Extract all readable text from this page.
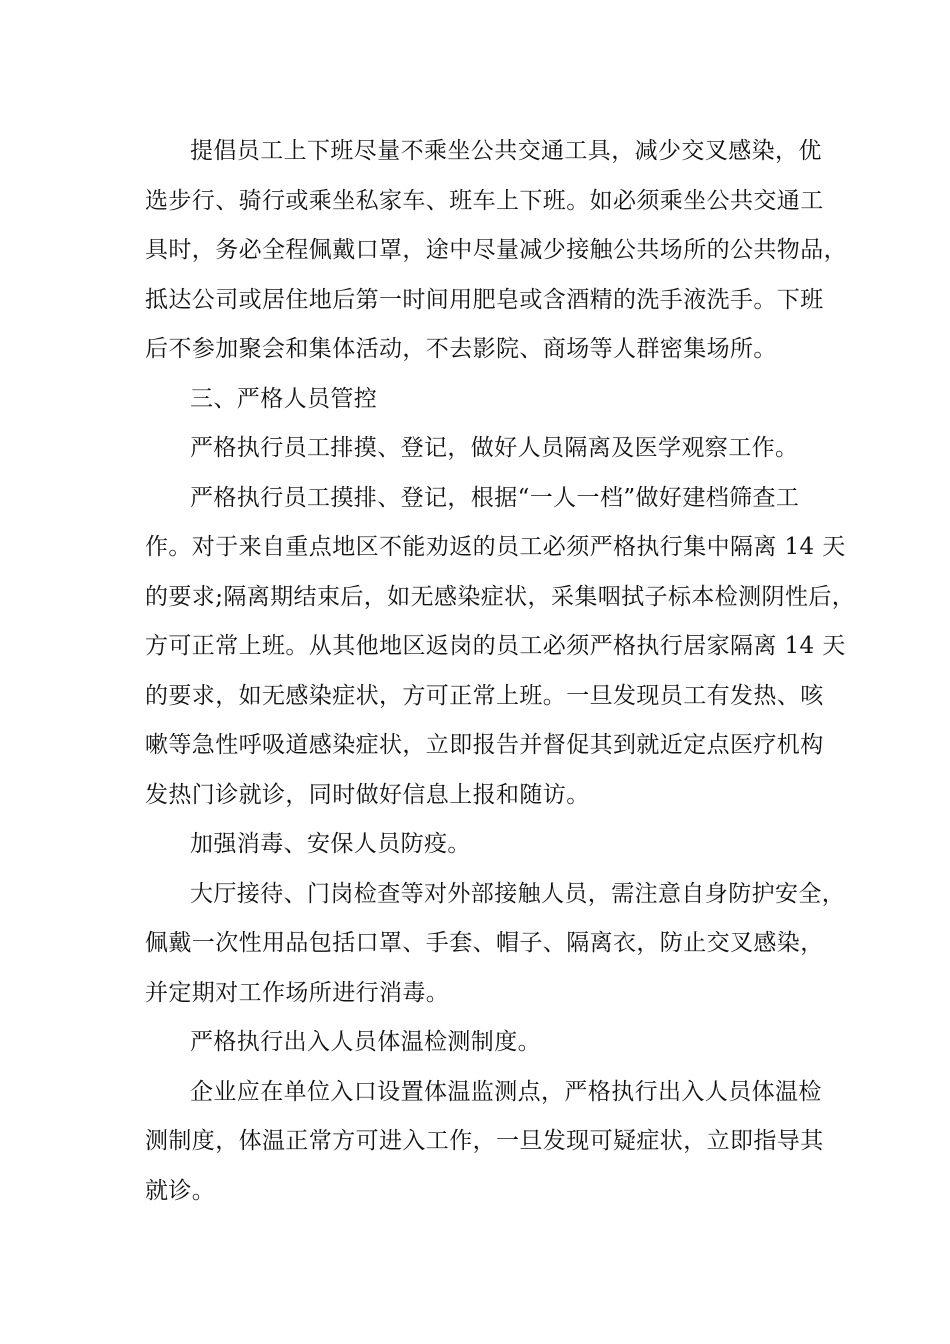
提倡员工上下班尽量不乘坐公共交通工具，减少交叉感染，优
选步行、骑行或乘坐私家车、班车上下班。如必须乘坐公共交通工
具时，务必全程佩戴口罩，途中尽量减少接触公共场所的公共物品，
抵达公司或居住地后第一时间用肥皂或含酒精的洗手液洗手。下班
后不参加聚会和集体活动，不去影院、商场等人群密集场所。
三、严格人员管控
严格执行员工排摸、登记，做好人员隔离及医学观察工作。
严格执行员工摸排、登记，根据“一人一档”做好建档筛查工
作。对于来自重点地区不能劝返的员工必须严格执行集中隔离 14 天
的要求;隔离期结束后，如无感染症状，采集咽拭子标本检测阴性后，
方可正常上班。从其他地区返岗的员工必须严格执行居家隔离 14 天
的要求，如无感染症状，方可正常上班。一旦发现员工有发热、咳
嗽等急性呼吸道感染症状，立即报告并督促其到就近定点医疗机构
发热门诊就诊，同时做好信息上报和随访。
加强消毒、安保人员防疫。
大厅接待、门岗检查等对外部接触人员，需注意自身防护安全，
佩戴一次性用品包括口罩、手套、帽子、隔离衣，防止交叉感染，
并定期对工作场所进行消毒。
严格执行出入人员体温检测制度。
企业应在单位入口设置体温监测点，严格执行出入人员体温检
测制度，体温正常方可进入工作，一旦发现可疑症状，立即指导其
就诊。
